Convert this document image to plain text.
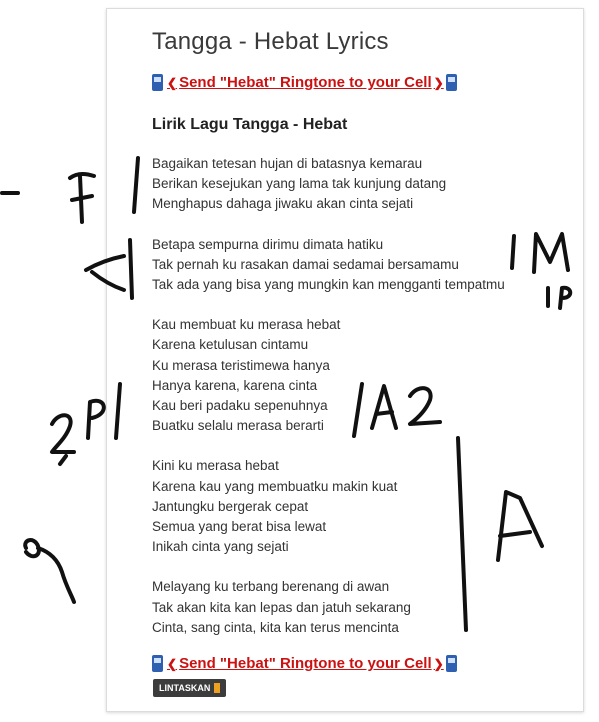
Tangga - Hebat Lyrics
❮ Send "Hebat" Ringtone to your Cell ❯
Lirik Lagu Tangga - Hebat
Bagaikan tetesan hujan di batasnya kemarau
Berikan kesejukan yang lama tak kunjung datang
Menghapus dahaga jiwaku akan cinta sejati
Betapa sempurna dirimu dimata hatiku
Tak pernah ku rasakan damai sedamai bersamamu
Tak ada yang bisa yang mungkin kan mengganti tempatmu
Kau membuat ku merasa hebat
Karena ketulusan cintamu
Ku merasa teristimewa hanya
Hanya karena, karena cinta
Kau beri padaku sepenuhnya
Buatku selalu merasa berarti
Kini ku merasa hebat
Karena kau yang membuatku makin kuat
Jantungku bergerak cepat
Semua yang berat bisa lewat
Inikah cinta yang sejati
Melayang ku terbang berenang di awan
Tak akan kita kan lepas dan jatuh sekarang
Cinta, sang cinta, kita kan terus mencinta
❮ Send "Hebat" Ringtone to your Cell ❯
LINTASKAN
